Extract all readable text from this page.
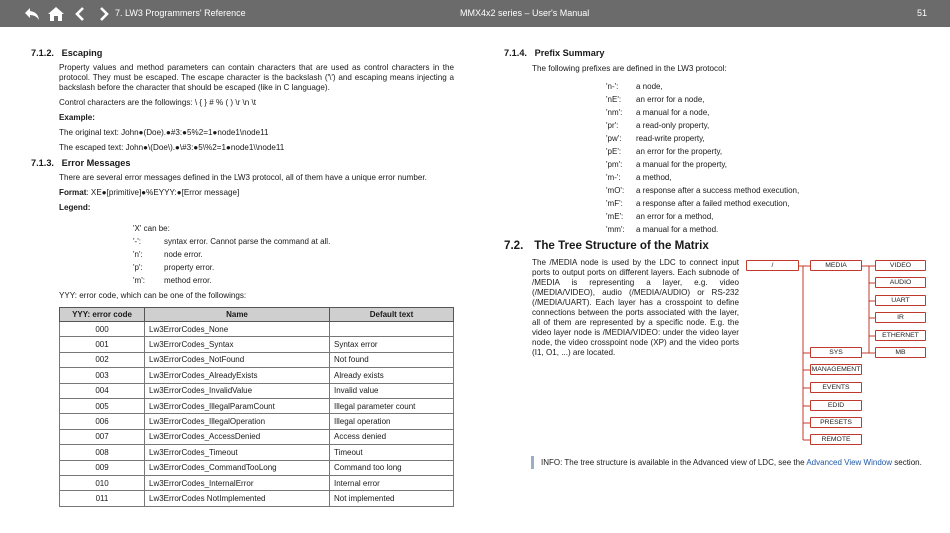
7. LW3 Programmers' Reference	MMX4x2 series – User's Manual	51
7.1.2. Escaping
Property values and method parameters can contain characters that are used as control characters in the protocol. They must be escaped. The escape character is the backslash ('\') and escaping means injecting a backslash before the character that should be escaped (like in C language).
Control characters are the followings: \ { } # % ( ) \r \n \t
Example:
The original text: John●(Doe).●#3:●5%2=1●node1\node11
The escaped text: John●\(Doe\).●\#3:●5\%2=1●node1\\node11
7.1.3. Error Messages
There are several error messages defined in the LW3 protocol, all of them have a unique error number.
Format: XE●[primitive]●%EYYY:●[Error message]
Legend:
'X' can be:
'-':	syntax error. Cannot parse the command at all.
'n':	node error.
'p':	property error.
'm': method error.
YYY: error code, which can be one of the followings:
YYY: error code	Name	Default text
000	Lw3ErrorCodes_None	
001	Lw3ErrorCodes_Syntax	Syntax error
002	Lw3ErrorCodes_NotFound	Not found
003	Lw3ErrorCodes_AlreadyExists	Already exists
004	Lw3ErrorCodes_InvalidValue	Invalid value
005	Lw3ErrorCodes_IllegalParamCount	Illegal parameter count
006	Lw3ErrorCodes_IllegalOperation	Illegal operation
007	Lw3ErrorCodes_AccessDenied	Access denied
008	Lw3ErrorCodes_Timeout	Timeout
009	Lw3ErrorCodes_CommandTooLong	Command too long
010	Lw3ErrorCodes_InternalError	Internal error
011	Lw3ErrorCodes NotImplemented	Not implemented
7.1.4. Prefix Summary
The following prefixes are defined in the LW3 protocol:
'n-': a node,
'nE': an error for a node,
'nm': a manual for a node,
'pr': a read-only property,
'pw': read-write property,
'pE': an error for the property,
'pm': a manual for the property,
'm-': a method,
'mO': a response after a success method execution,
'mF': a response after a failed method execution,
'mE': an error for a method,
'mm': a manual for a method.
7.2. The Tree Structure of the Matrix
The /MEDIA node is used by the LDC to connect input ports to output ports on different layers. Each subnode of /MEDIA is representing a layer, e.g. video (/MEDIA/VIDEO), audio (/MEDIA/AUDIO) or RS-232 (/MEDIA/UART). Each layer has a crosspoint to define connections between the ports associated with the layer, all of them are represented by a specific node. E.g. the video layer node is /MEDIA/VIDEO: under the video layer node, the video crosspoint node (XP) and the video ports (I1, O1, ...) are located.
/	MEDIA
SYS
MANAGEMENT
EVENTS
EDID
PRESETS
REMOTE
VIDEO
AUDIO
UART
IR
ETHERNET
MB
INFO: The tree structure is available in the Advanced view of LDC, see the Advanced View Window section.
